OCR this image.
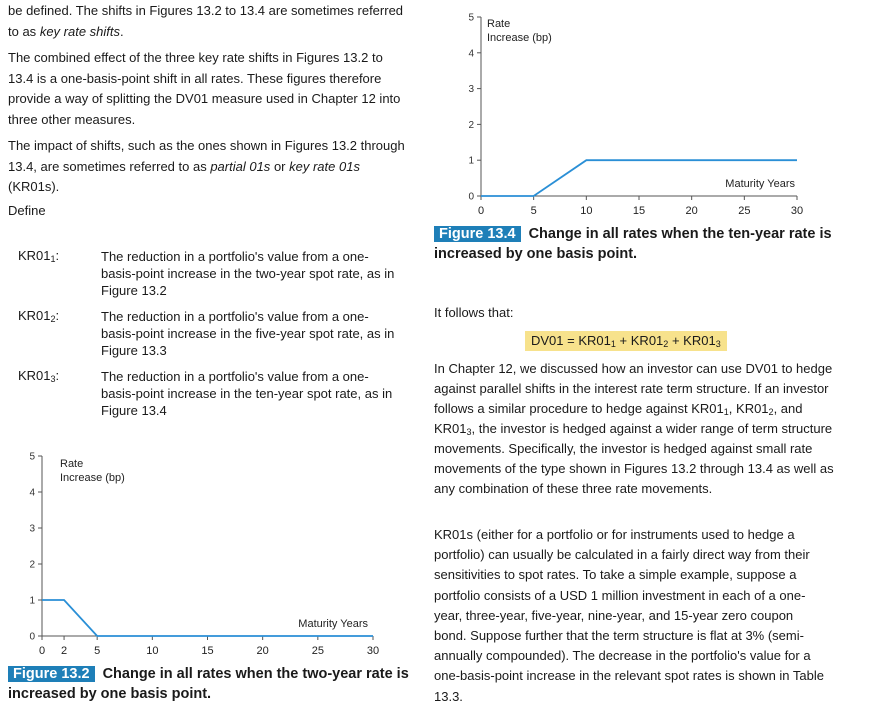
be defined. The shifts in Figures 13.2 to 13.4 are sometimes referred to as key rate shifts.

The combined effect of the three key rate shifts in Figures 13.2 to 13.4 is a one-basis-point shift in all rates. These figures therefore provide a way of splitting the DV01 measure used in Chapter 12 into three other measures.

The impact of shifts, such as the ones shown in Figures 13.2 through 13.4, are sometimes referred to as partial 01s or key rate 01s (KR01s).

Define

$KR01_1$:	The reduction in a portfolio's value from a one-basis-point increase in the two-year spot rate, as in Figure 13.2
$KR01_2$:	The reduction in a portfolio's value from a one-basis-point increase in the five-year spot rate, as in Figure 13.3
$KR01_3$:	The reduction in a portfolio's value from a one-basis-point increase in the ten-year spot rate, as in Figure 13.4
0
1
2
3
4
5
0 2 5	10	15	20	25	30
Rate
Increase (bp)
Maturity Years
Figure 13.2 Change in all rates when the two-year rate is increased by one basis point.
0
1
2
3
4
5
0	5	10	15	20	25	30
Rate
Increase (bp)
Maturity Years
Figure 13.4 Change in all rates when the ten-year rate is increased by one basis point.

It follows that:

$DV01 = KR01_1 + KR01_2 + KR01_3$

In Chapter 12, we discussed how an investor can use DV01 to hedge against parallel shifts in the interest rate term structure. If an investor follows a similar procedure to hedge against $KR01_1$, $KR01_2$, and $KR01_3$, the investor is hedged against a wider range of term structure movements. Specifically, the investor is hedged against small rate movements of the type shown in Figures 13.2 through 13.4 as well as any combination of these three rate movements.

KR01s (either for a portfolio or for instruments used to hedge a portfolio) can usually be calculated in a fairly direct way from their sensitivities to spot rates. To take a simple example, suppose a portfolio consists of a USD 1 million investment in each of a one-year, three-year, five-year, nine-year, and 15-year zero coupon bond. Suppose further that the term structure is flat at 3% (semi-annually compounded). The decrease in the portfolio's value for a one-basis-point increase in the relevant spot rates is shown in Table 13.3.
